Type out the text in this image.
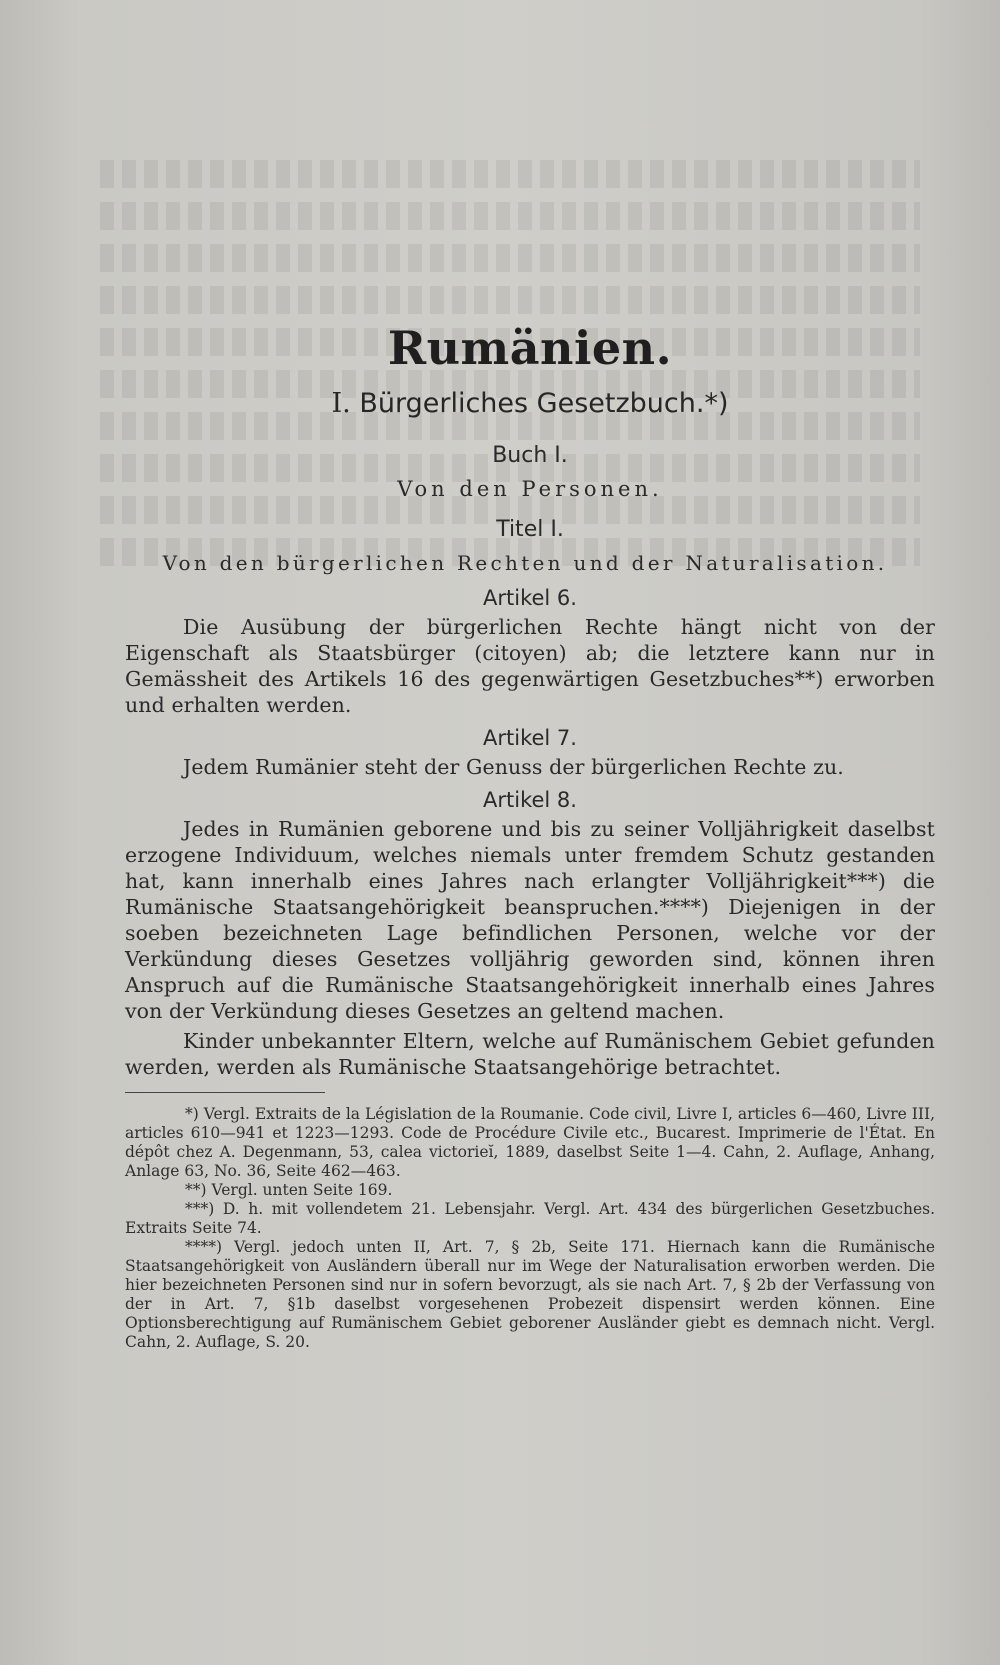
Rumänien.
I. Bürgerliches Gesetzbuch.*)
Buch I.
Von den Personen.
Titel I.
Von den bürgerlichen Rechten und der Naturalisation.
Artikel 6.

Die Ausübung der bürgerlichen Rechte hängt nicht von der Eigenschaft als Staatsbürger (citoyen) ab; die letztere kann nur in Gemässheit des Artikels 16 des gegenwärtigen Gesetzbuches**) erworben und erhalten werden.

Artikel 7.

Jedem Rumänier steht der Genuss der bürgerlichen Rechte zu.

Artikel 8.

Jedes in Rumänien geborene und bis zu seiner Volljährigkeit daselbst erzogene Individuum, welches niemals unter fremdem Schutz gestanden hat, kann innerhalb eines Jahres nach erlangter Volljährigkeit***) die Rumänische Staatsangehörigkeit beanspruchen.****) Diejenigen in der soeben bezeichneten Lage befindlichen Personen, welche vor der Verkündung dieses Gesetzes volljährig geworden sind, können ihren Anspruch auf die Rumänische Staatsangehörigkeit innerhalb eines Jahres von der Verkündung dieses Gesetzes an geltend machen.

Kinder unbekannter Eltern, welche auf Rumänischem Gebiet gefunden werden, werden als Rumänische Staatsangehörige betrachtet.

*) Vergl. Extraits de la Législation de la Roumanie. Code civil, Livre I, articles 6—460, Livre III, articles 610—941 et 1223—1293. Code de Procédure Civile etc., Bucarest. Imprimerie de l'État. En dépôt chez A. Degenmann, 53, calea victorieĭ, 1889, daselbst Seite 1—4. Cahn, 2. Auflage, Anhang, Anlage 63, No. 36, Seite 462—463.

**) Vergl. unten Seite 169.

***) D. h. mit vollendetem 21. Lebensjahr. Vergl. Art. 434 des bürgerlichen Gesetzbuches. Extraits Seite 74.

****) Vergl. jedoch unten II, Art. 7, § 2b, Seite 171. Hiernach kann die Rumänische Staatsangehörigkeit von Ausländern überall nur im Wege der Naturalisation erworben werden. Die hier bezeichneten Personen sind nur in sofern bevorzugt, als sie nach Art. 7, § 2b der Verfassung von der in Art. 7, §1b daselbst vorgesehenen Probezeit dispensirt werden können. Eine Optionsberechtigung auf Rumänischem Gebiet geborener Ausländer giebt es demnach nicht. Vergl. Cahn, 2. Auflage, S. 20.
